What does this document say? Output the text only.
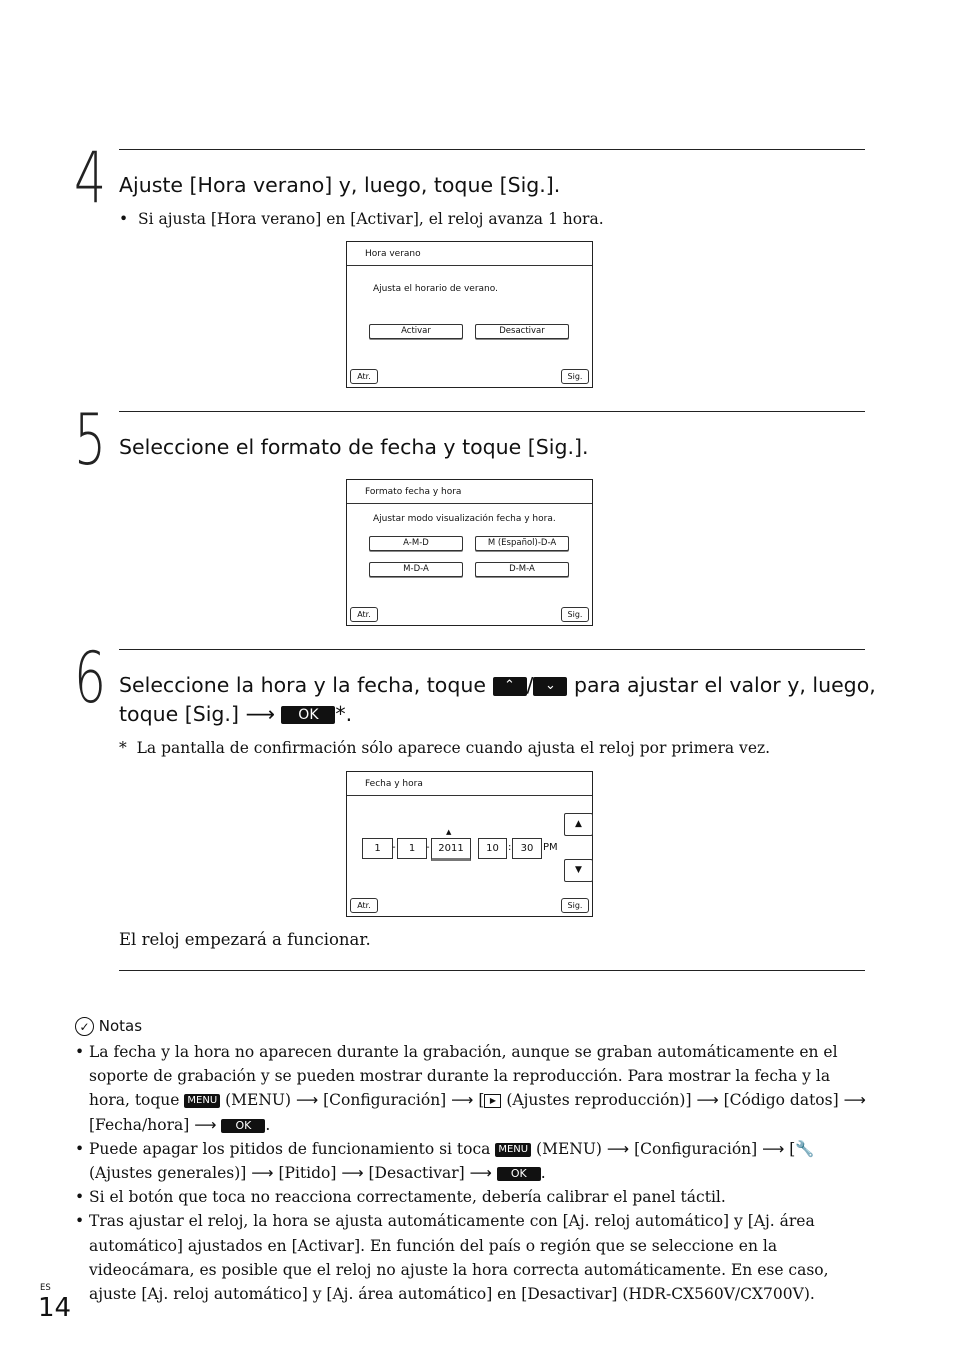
4 Ajuste [Hora verano] y, luego, toque [Sig.].
•  Si ajusta [Hora verano] en [Activar], el reloj avanza 1 hora.
Hora verano
Ajusta el horario de verano.
Activar	Desactivar
Atr.	Sig.
5 Seleccione el formato de fecha y toque [Sig.].
Formato fecha y hora
Ajustar modo visualización fecha y hora.
A-M-D	M (Español)-D-A
M-D-A	D-M-A
Atr.	Sig.
6 Seleccione la hora y la fecha, toque ⌃ / ⌄ para ajustar el valor y, luego,
toque [Sig.] ⟶ OK *.
* La pantalla de confirmación sólo aparece cuando ajusta el reloj por primera vez.
Fecha y hora
1	-	1	-
▲
2011	10 : 30 PM
▲
▼
Atr.	Sig.
El reloj empezará a funcionar.
✓ Notas
• La fecha y la hora no aparecen durante la grabación, aunque se graban automáticamente en el soporte de grabación y se pueden mostrar durante la reproducción. Para mostrar la fecha y la hora, toque MENU (MENU) ⟶ [Configuración] ⟶ [ ▶ (Ajustes reproducción)] ⟶ [Código datos] ⟶ [Fecha/hora] ⟶ OK .
• Puede apagar los pitidos de funcionamiento si toca MENU (MENU) ⟶ [Configuración] ⟶ [🔧 (Ajustes generales)] ⟶ [Pitido] ⟶ [Desactivar] ⟶ OK .
• Si el botón que toca no reacciona correctamente, debería calibrar el panel táctil.
• Tras ajustar el reloj, la hora se ajusta automáticamente con [Aj. reloj automático] y [Aj. área automático] ajustados en [Activar]. En función del país o región que se seleccione en la videocámara, es posible que el reloj no ajuste la hora correcta automáticamente. En ese caso, ajuste [Aj. reloj automático] y [Aj. área automático] en [Desactivar] (HDR-CX560V/CX700V).
ES
14
